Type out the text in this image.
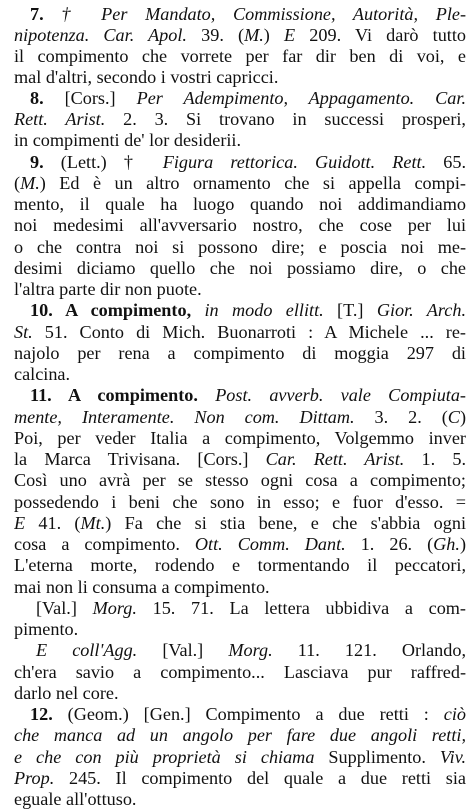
7. † Per Mandato, Commissione, Autorità, Ple-
nipotenza. Car. Apol. 39. (M.) E 209. Vi darò tutto
il compimento che vorrete per far dir ben di voi, e
mal d'altri, secondo i vostri capricci.
8. [Cors.] Per Adempimento, Appagamento. Car.
Rett. Arist. 2. 3. Si trovano in successi prosperi,
in compimenti de' lor desiderii.
9. (Lett.) † Figura rettorica. Guidott. Rett. 65.
(M.) Ed è un altro ornamento che si appella compi-
mento, il quale ha luogo quando noi addimandiamo
noi medesimi all'avversario nostro, che cose per lui
o che contra noi si possono dire; e poscia noi me-
desimi diciamo quello che noi possiamo dire, o che
l'altra parte dir non puote.
10. A compimento, in modo ellitt. [T.] Gior. Arch.
St. 51. Conto di Mich. Buonarroti : A Michele ... re-
najolo per rena a compimento di moggia 297 di
calcina.
11. A compimento. Post. avverb. vale Compiuta-
mente, Interamente. Non com. Dittam. 3. 2. (C)
Poi, per veder Italia a compimento, Volgemmo inver
la Marca Trivisana. [Cors.] Car. Rett. Arist. 1. 5.
Così uno avrà per se stesso ogni cosa a compimento;
possedendo i beni che sono in esso; e fuor d'esso. =
E 41. (Mt.) Fa che si stia bene, e che s'abbia ogni
cosa a compimento. Ott. Comm. Dant. 1. 26. (Gh.)
L'eterna morte, rodendo e tormentando il peccatori,
mai non li consuma a compimento.
[Val.] Morg. 15. 71. La lettera ubbidiva a com-
pimento.
E coll'Agg. [Val.] Morg. 11. 121. Orlando,
ch'era savio a compimento... Lasciava pur raffred-
darlo nel core.
12. (Geom.) [Gen.] Compimento a due retti : ciò
che manca ad un angolo per fare due angoli retti,
e che con più proprietà si chiama Supplimento. Viv.
Prop. 245. Il compimento del quale a due retti sia
eguale all'ottuso.
